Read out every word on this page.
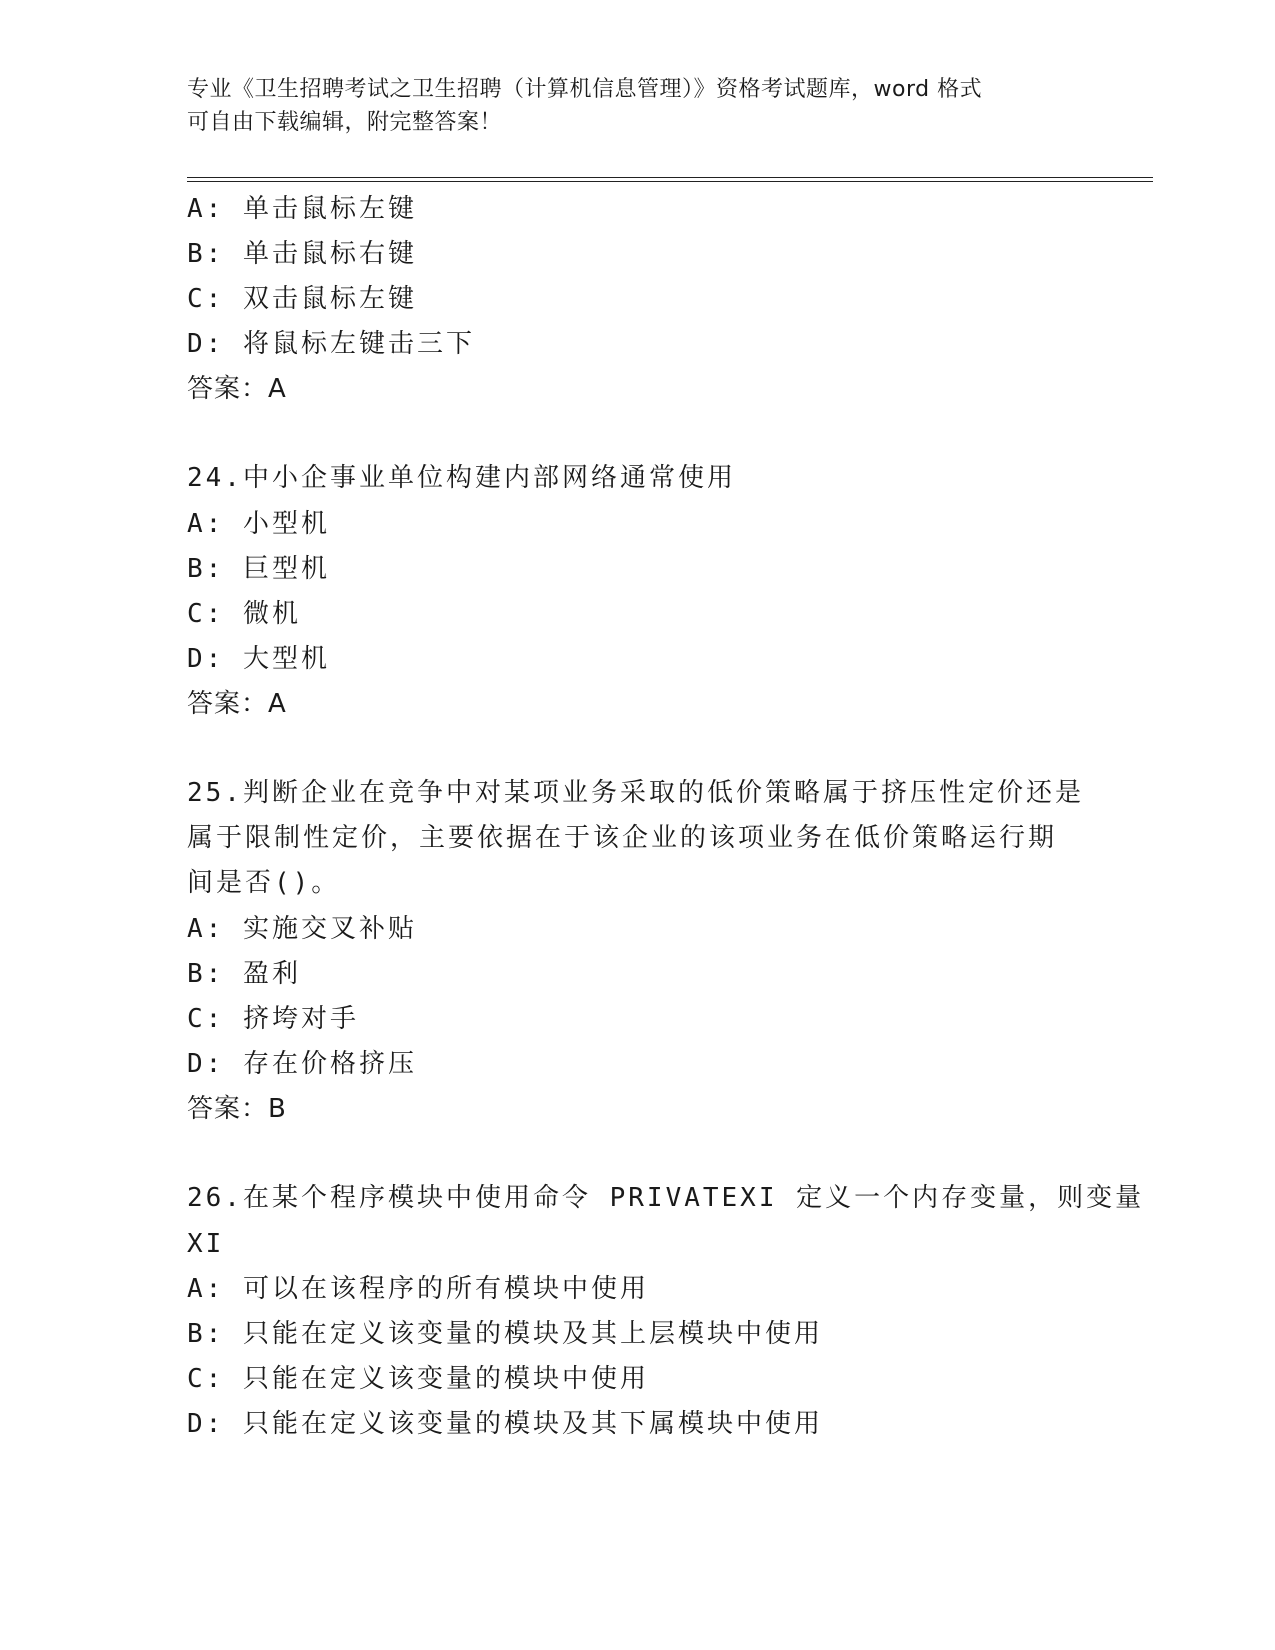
专业《卫生招聘考试之卫生招聘（计算机信息管理）》资格考试题库，word 格式
可自由下载编辑，附完整答案！
A: 单击鼠标左键
B: 单击鼠标右键
C: 双击鼠标左键
D: 将鼠标左键击三下
答案：A
24.中小企事业单位构建内部网络通常使用
A: 小型机
B: 巨型机
C: 微机
D: 大型机
答案：A
25.判断企业在竞争中对某项业务采取的低价策略属于挤压性定价还是
属于限制性定价，主要依据在于该企业的该项业务在低价策略运行期
间是否()。
A: 实施交叉补贴
B: 盈利
C: 挤垮对手
D: 存在价格挤压
答案：B
26.在某个程序模块中使用命令 PRIVATEXI 定义一个内存变量，则变量
XI
A: 可以在该程序的所有模块中使用
B: 只能在定义该变量的模块及其上层模块中使用
C: 只能在定义该变量的模块中使用
D: 只能在定义该变量的模块及其下属模块中使用
